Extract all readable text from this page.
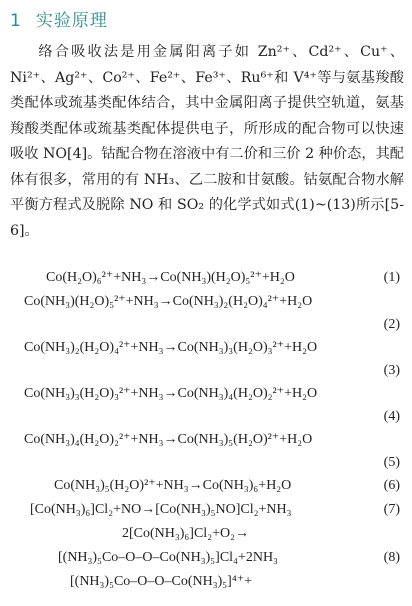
1 实验原理

络合吸收法是用金属阳离子如 Zn²⁺、Cd²⁺、Cu⁺、Ni²⁺、Ag²⁺、Co²⁺、Fe²⁺、Fe³⁺、Ru⁶⁺和 V⁴⁺等与氨基羧酸类配体或巯基类配体结合，其中金属阳离子提供空轨道，氨基羧酸类配体或巯基类配体提供电子，所形成的配合物可以快速吸收 NO[4]。钴配合物在溶液中有二价和三价 2 种价态，其配体有很多，常用的有 NH₃、乙二胺和甘氨酸。钴氨配合物水解平衡方程式及脱除 NO 和 SO₂ 的化学式如式(1)~(13)所示[5-6]。

Co(H₂O)₆²⁺+NH₃→Co(NH₃)(H₂O)₅²⁺+H₂O	(1)
Co(NH₃)(H₂O)₅²⁺+NH₃→Co(NH₃)₂(H₂O)₄²⁺+H₂O
(2)
Co(NH₃)₂(H₂O)₄²⁺+NH₃→Co(NH₃)₃(H₂O)₃²⁺+H₂O
(3)
Co(NH₃)₃(H₂O)₃²⁺+NH₃→Co(NH₃)₄(H₂O)₂²⁺+H₂O
(4)
Co(NH₃)₄(H₂O)₂²⁺+NH₃→Co(NH₃)₅(H₂O)²⁺+H₂O
(5)
Co(NH₃)₅(H₂O)²⁺+NH₃→Co(NH₃)₆+H₂O	(6)
[Co(NH₃)₆]Cl₂+NO→[Co(NH₃)₅NO]Cl₂+NH₃	(7)
2[Co(NH₃)₆]Cl₂+O₂→
[(NH₃)₅Co–O–O–Co(NH₃)₅]Cl₄+2NH₃	(8)
[(NH₃)₅Co–O–O–Co(NH₃)₅]⁴⁺+
